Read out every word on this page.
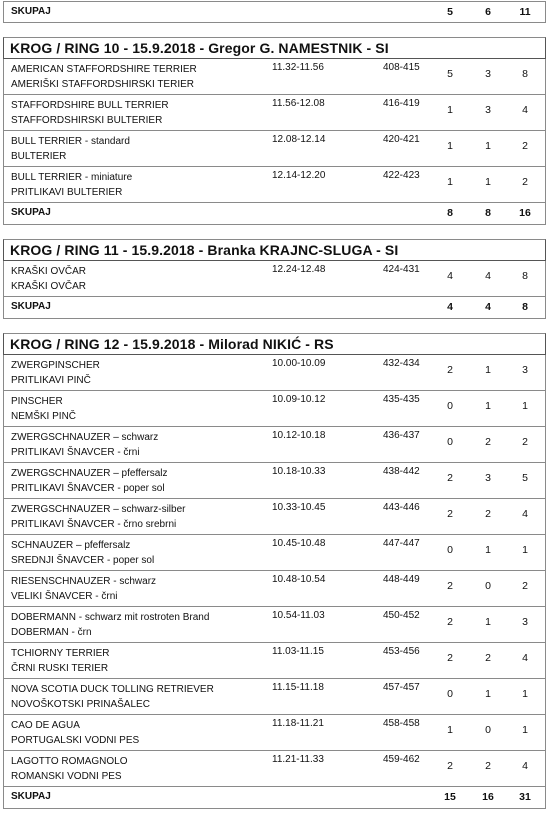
SKUPAJ	5	6	11
KROG / RING 10 - 15.9.2018 - Gregor G. NAMESTNIK - SI
AMERICAN STAFFORDSHIRE TERRIER
AMERIŠKI STAFFORDSHIRSKI TERIER
11.32-11.56	408-415
5	3	8
STAFFORDSHIRE BULL TERRIER
STAFFORDSHIRSKI BULTERIER
11.56-12.08	416-419
1	3	4
BULL TERRIER - standard
BULTERIER
12.08-12.14	420-421
1	1	2
BULL TERRIER - miniature
PRITLIKAVI BULTERIER
12.14-12.20	422-423
1	1	2
SKUPAJ	8	8	16
KROG / RING 11 - 15.9.2018 - Branka KRAJNC-SLUGA - SI
KRAŠKI OVČAR
KRAŠKI OVČAR
12.24-12.48	424-431
4	4	8
SKUPAJ	4	4	8
KROG / RING 12 - 15.9.2018 - Milorad NIKIĆ - RS
ZWERGPINSCHER
PRITLIKAVI PINČ
10.00-10.09	432-434
2	1	3
PINSCHER
NEMŠKI PINČ
10.09-10.12	435-435
0	1	1
ZWERGSCHNAUZER – schwarz
PRITLIKAVI ŠNAVCER - črni
10.12-10.18	436-437
0	2	2
ZWERGSCHNAUZER – pfeffersalz
PRITLIKAVI ŠNAVCER - poper sol
10.18-10.33	438-442
2	3	5
ZWERGSCHNAUZER – schwarz-silber
PRITLIKAVI ŠNAVCER - črno srebrni
10.33-10.45	443-446
2	2	4
SCHNAUZER – pfeffersalz
SREDNJI ŠNAVCER - poper sol
10.45-10.48	447-447
0	1	1
RIESENSCHNAUZER - schwarz
VELIKI ŠNAVCER - črni
10.48-10.54	448-449
2	0	2
DOBERMANN - schwarz mit rostroten Brand
DOBERMAN - črn
10.54-11.03	450-452
2	1	3
TCHIORNY TERRIER
ČRNI RUSKI TERIER
11.03-11.15	453-456
2	2	4
NOVA SCOTIA DUCK TOLLING RETRIEVER
NOVOŠKOTSKI PRINAŠALEC
11.15-11.18	457-457
0	1	1
CAO DE AGUA
PORTUGALSKI VODNI PES
11.18-11.21	458-458
1	0	1
LAGOTTO ROMAGNOLO
ROMANSKI VODNI PES
11.21-11.33	459-462
2	2	4
SKUPAJ	15	16	31
